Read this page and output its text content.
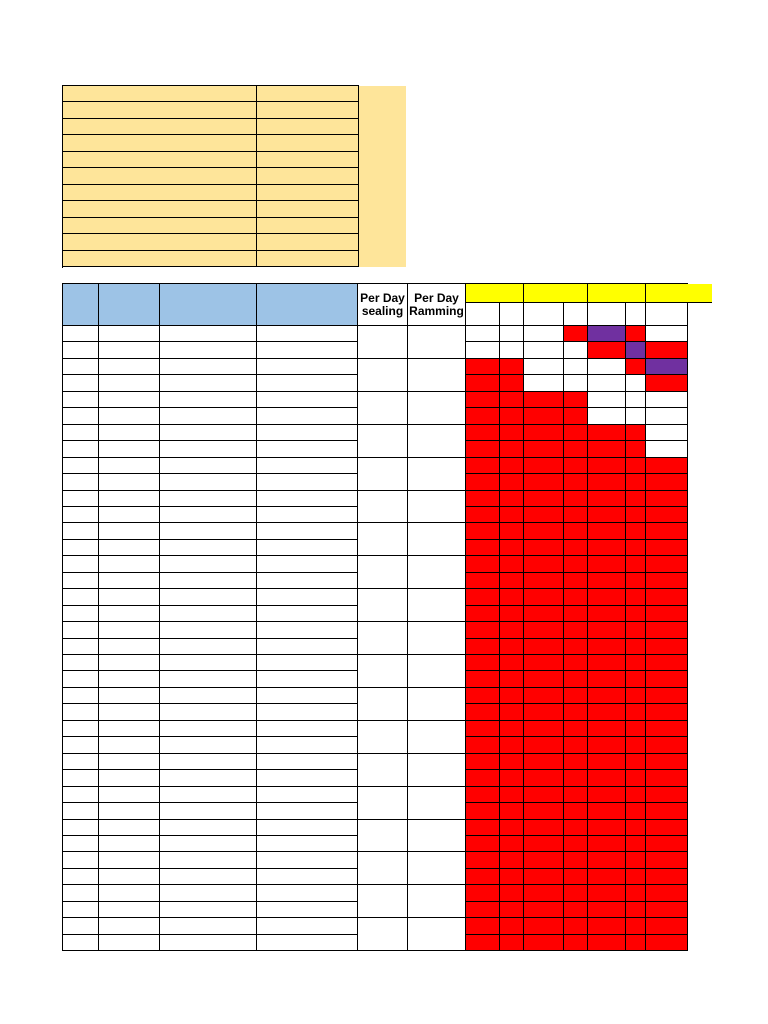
Per Day
sealing
Per Day
Ramming
